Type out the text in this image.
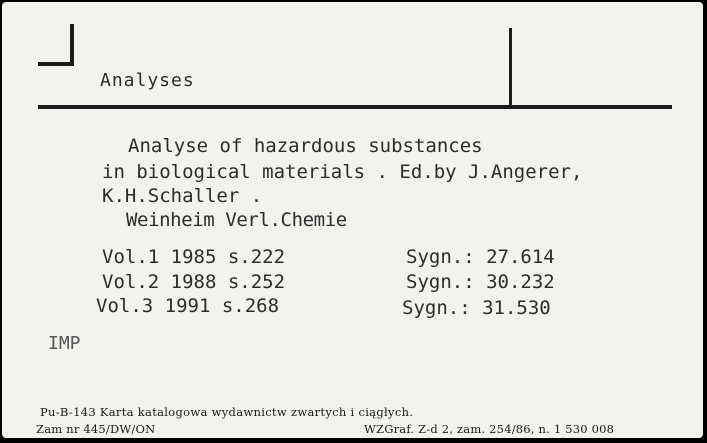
Analyses
Analyse of hazardous substances
in biological materials . Ed.by J.Angerer,
K.H.Schaller .
Weinheim Verl.Chemie
Vol.1 1985 s.222	Sygn.: 27.614
Vol.2 1988 s.252	Sygn.: 30.232
Vol.3 1991 s.268	Sygn.: 31.530
IMP
Pu-B-143 Karta katalogowa wydawnictw zwartych i ciągłych.
Zam nr 445/DW/ON	WZGraf. Z-d 2, zam. 254/86, n. 1 530 008
